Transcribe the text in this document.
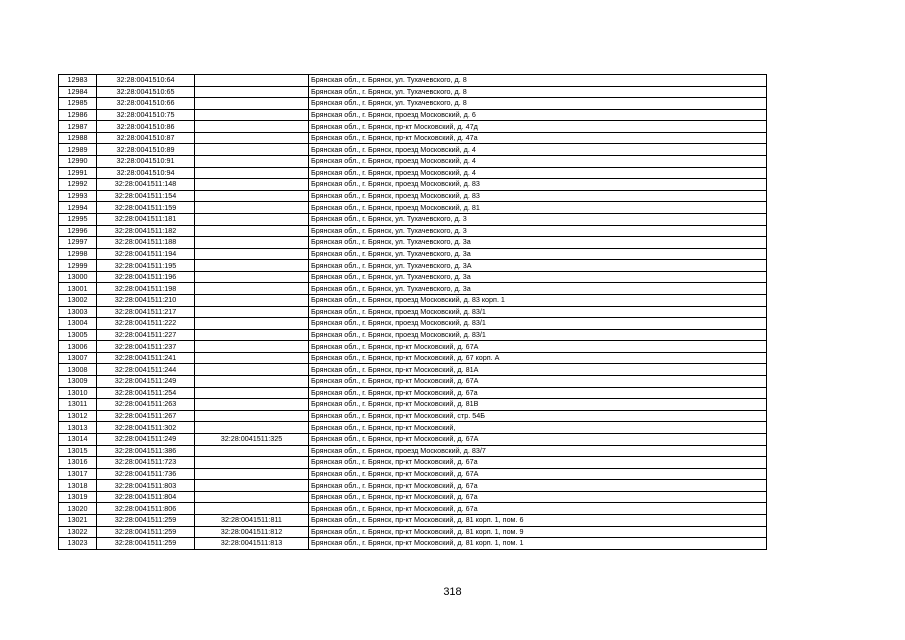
12983	32:28:0041510:64		Брянская обл., г. Брянск, ул. Тухачевского, д. 8
12984	32:28:0041510:65		Брянская обл., г. Брянск, ул. Тухачевского, д. 8
12985	32:28:0041510:66		Брянская обл., г. Брянск, ул. Тухачевского, д. 8
12986	32:28:0041510:75		Брянская обл., г. Брянск, проезд Московский, д. 6
12987	32:28:0041510:86		Брянская обл., г. Брянск, пр-кт Московский, д. 47д
12988	32:28:0041510:87		Брянская обл., г. Брянск, пр-кт Московский, д. 47а
12989	32:28:0041510:89		Брянская обл., г. Брянск, проезд Московский, д. 4
12990	32:28:0041510:91		Брянская обл., г. Брянск, проезд Московский, д. 4
12991	32:28:0041510:94		Брянская обл., г. Брянск, проезд Московский, д. 4
12992	32:28:0041511:148		Брянская обл., г. Брянск, проезд Московский, д. 83
12993	32:28:0041511:154		Брянская обл., г. Брянск, проезд Московский, д. 83
12994	32:28:0041511:159		Брянская обл., г. Брянск, проезд Московский, д. 81
12995	32:28:0041511:181		Брянская обл., г. Брянск, ул. Тухачевского, д. 3
12996	32:28:0041511:182		Брянская обл., г. Брянск, ул. Тухачевского, д. 3
12997	32:28:0041511:188		Брянская обл., г. Брянск, ул. Тухачевского, д. 3а
12998	32:28:0041511:194		Брянская обл., г. Брянск, ул. Тухачевского, д. 3а
12999	32:28:0041511:195		Брянская обл., г. Брянск, ул. Тухачевского, д. 3А
13000	32:28:0041511:196		Брянская обл., г. Брянск, ул. Тухачевского, д. 3а
13001	32:28:0041511:198		Брянская обл., г. Брянск, ул. Тухачевского, д. 3а
13002	32:28:0041511:210		Брянская обл., г. Брянск, проезд Московский, д. 83 корп. 1
13003	32:28:0041511:217		Брянская обл., г. Брянск, проезд Московский, д. 83/1
13004	32:28:0041511:222		Брянская обл., г. Брянск, проезд Московский, д. 83/1
13005	32:28:0041511:227		Брянская обл., г. Брянск, проезд Московский, д. 83/1
13006	32:28:0041511:237		Брянская обл., г. Брянск, пр-кт Московский, д. 67А
13007	32:28:0041511:241		Брянская обл., г. Брянск, пр-кт Московский, д. 67 корп. А
13008	32:28:0041511:244		Брянская обл., г. Брянск, пр-кт Московский, д. 81А
13009	32:28:0041511:249		Брянская обл., г. Брянск, пр-кт Московский, д. 67А
13010	32:28:0041511:254		Брянская обл., г. Брянск, пр-кт Московский, д. 67а
13011	32:28:0041511:263		Брянская обл., г. Брянск, пр-кт Московский, д. 81В
13012	32:28:0041511:267		Брянская обл., г. Брянск, пр-кт Московский, стр. 54Б
13013	32:28:0041511:302		Брянская обл., г. Брянск, пр-кт Московский,
13014	32:28:0041511:249	32:28:0041511:325	Брянская обл., г. Брянск, пр-кт Московский, д. 67А
13015	32:28:0041511:386		Брянская обл., г. Брянск, проезд Московский, д. 83/7
13016	32:28:0041511:723		Брянская обл., г. Брянск, пр-кт Московский, д. 67а
13017	32:28:0041511:736		Брянская обл., г. Брянск, пр-кт Московский, д. 67А
13018	32:28:0041511:803		Брянская обл., г. Брянск, пр-кт Московский, д. 67а
13019	32:28:0041511:804		Брянская обл., г. Брянск, пр-кт Московский, д. 67а
13020	32:28:0041511:806		Брянская обл., г. Брянск, пр-кт Московский, д. 67а
13021	32:28:0041511:259	32:28:0041511:811	Брянская обл., г. Брянск, пр-кт Московский, д. 81 корп. 1, пом. 6
13022	32:28:0041511:259	32:28:0041511:812	Брянская обл., г. Брянск, пр-кт Московский, д. 81 корп. 1, пом. 9
13023	32:28:0041511:259	32:28:0041511:813	Брянская обл., г. Брянск, пр-кт Московский, д. 81 корп. 1, пом. 1
318
